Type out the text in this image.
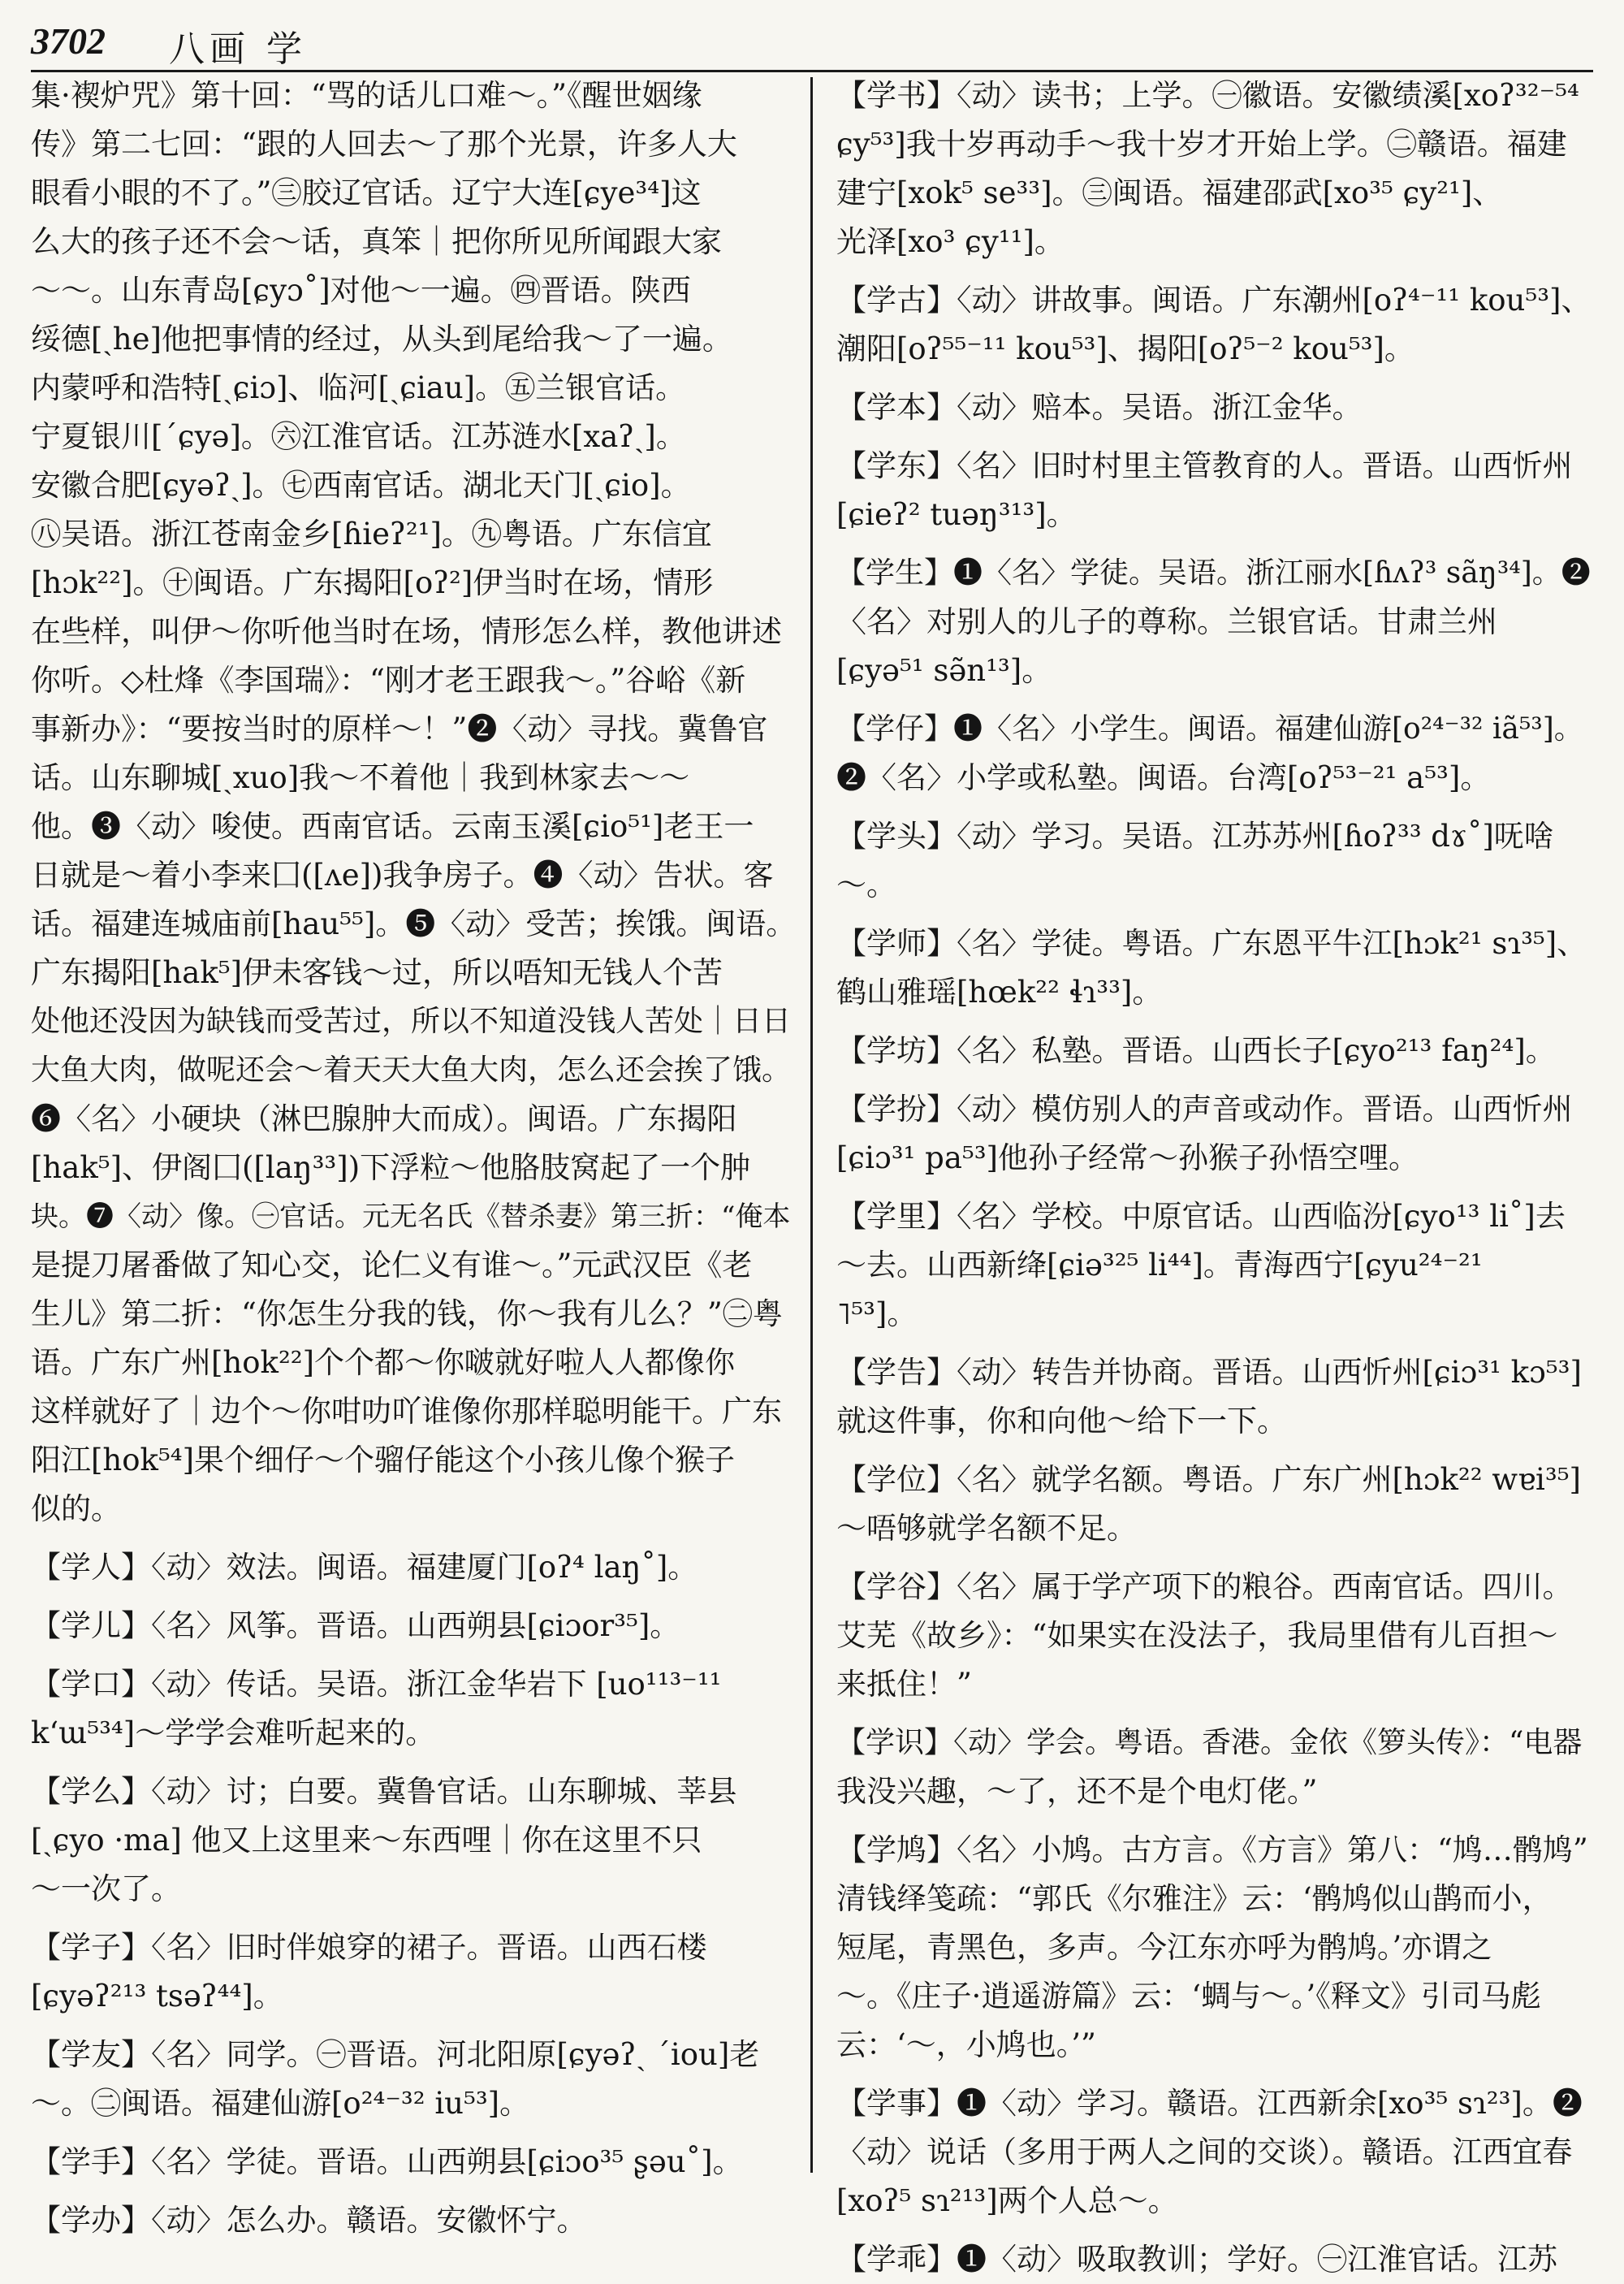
3702 八画 学
集·褉炉咒》第十回：“骂的话儿口难～。”《醒世姻缘
传》第二七回：“跟的人回去～了那个光景，许多人大
眼看小眼的不了。”㊂胶辽官话。辽宁大连[ɕye³⁴]这
么大的孩子还不会～话，真笨｜把你所见所闻跟大家
～～。山东青岛[ɕyɔ˚]对他～一遍。㊃晋语。陕西
绥德[ˏhe]他把事情的经过，从头到尾给我～了一遍。
内蒙呼和浩特[ˏɕiɔ]、临河[ˏɕiau]。㊄兰银官话。
宁夏银川[ˊɕyə]。㊅江淮官话。江苏涟水[xaʔˏ]。
安徽合肥[ɕyəʔˏ]。㊆西南官话。湖北天门[ˏɕio]。
㊇吴语。浙江苍南金乡[ɦieʔ²¹]。㊈粤语。广东信宜
[hɔk²²]。㊉闽语。广东揭阳[oʔ²]伊当时在场，情形
在些样，叫伊～你听他当时在场，情形怎么样，教他讲述
你听。◇杜烽《李国瑞》：“刚才老王跟我～。”谷峪《新
事新办》：“要按当时的原样～！”❷〈动〉寻找。冀鲁官
话。山东聊城[ˏxuo]我～不着他｜我到林家去～～
他。❸〈动〉唆使。西南官话。云南玉溪[ɕio⁵¹]老王一
日就是～着小李来囗([ʌe])我争房子。❹〈动〉告状。客
话。福建连城庙前[hau⁵⁵]。❺〈动〉受苦；挨饿。闽语。
广东揭阳[hak⁵]伊未客钱～过，所以唔知无钱人个苦
处他还没因为缺钱而受苦过，所以不知道没钱人苦处｜日日
大鱼大肉，做呢还会～着天天大鱼大肉，怎么还会挨了饿。
❻〈名〉小硬块（淋巴腺肿大而成）。闽语。广东揭阳
[hak⁵]、伊阁囗([laŋ³³])下浮粒～他胳肢窝起了一个肿
块。❼〈动〉像。㊀官话。元无名氏《替杀妻》第三折：“俺本
是提刀屠番做了知心交，论仁义有谁～。”元武汉臣《老
生儿》第二折：“你怎生分我的钱，你～我有儿么？”㊁粤
语。广东广州[hok²²]个个都～你啵就好啦人人都像你
这样就好了｜边个～你咁叻吖谁像你那样聪明能干。广东
阳江[hok⁵⁴]果个细仔～个骝仔能这个小孩儿像个猴子
似的。
【学人】〈动〉效法。闽语。福建厦门[oʔ⁴ laŋ˚]。
【学儿】〈名〉风筝。晋语。山西朔县[ɕiɔor³⁵]。
【学口】〈动〉传话。吴语。浙江金华岩下 [uo¹¹³⁻¹¹
kʻɯ⁵³⁴]～学学会难听起来的。
【学么】〈动〉讨；白要。冀鲁官话。山东聊城、莘县
[ˏɕyo ·ma] 他又上这里来～东西哩｜你在这里不只
～一次了。
【学子】〈名〉旧时伴娘穿的裙子。晋语。山西石楼
[ɕyəʔ²¹³ tsəʔ⁴⁴]。
【学友】〈名〉同学。㊀晋语。河北阳原[ɕyəʔˏ ˊiou]老
～。㊁闽语。福建仙游[o²⁴⁻³² iu⁵³]。
【学手】〈名〉学徒。晋语。山西朔县[ɕiɔo³⁵ ʂəu˚]。
【学办】〈动〉怎么办。赣语。安徽怀宁。
【学书】〈动〉读书；上学。㊀徽语。安徽绩溪[xoʔ³²⁻⁵⁴
ɕy⁵³]我十岁再动手～我十岁才开始上学。㊁赣语。福建
建宁[xok⁵ se³³]。㊂闽语。福建邵武[xo³⁵ ɕy²¹]、
光泽[xo³ ɕy¹¹]。
【学古】〈动〉讲故事。闽语。广东潮州[oʔ⁴⁻¹¹ kou⁵³]、
潮阳[oʔ⁵⁵⁻¹¹ kou⁵³]、揭阳[oʔ⁵⁻² kou⁵³]。
【学本】〈动〉赔本。吴语。浙江金华。
【学东】〈名〉旧时村里主管教育的人。晋语。山西忻州
[ɕieʔ² tuəŋ³¹³]。
【学生】❶〈名〉学徒。吴语。浙江丽水[ɦʌʔ³ sãŋ³⁴]。❷
〈名〉对别人的儿子的尊称。兰银官话。甘肃兰州
[ɕyə⁵¹ sə̃n¹³]。
【学仔】❶〈名〉小学生。闽语。福建仙游[o²⁴⁻³² iã⁵³]。
❷〈名〉小学或私塾。闽语。台湾[oʔ⁵³⁻²¹ a⁵³]。
【学头】〈动〉学习。吴语。江苏苏州[ɦoʔ³³ dɤ˚]呒啥
～。
【学师】〈名〉学徒。粤语。广东恩平牛江[hɔk²¹ sɿ³⁵]、
鹤山雅瑶[hœk²² ɬɿ³³]。
【学坊】〈名〉私塾。晋语。山西长子[ɕyo²¹³ faŋ²⁴]。
【学扮】〈动〉模仿别人的声音或动作。晋语。山西忻州
[ɕiɔ³¹ pa⁵³]他孙子经常～孙猴子孙悟空哩。
【学里】〈名〉学校。中原官话。山西临汾[ɕyo¹³ li˚]去
～去。山西新绛[ɕiə³²⁵ li⁴⁴]。青海西宁[ɕyu²⁴⁻²¹
˥⁵³]。
【学告】〈动〉转告并协商。晋语。山西忻州[ɕiɔ³¹ kɔ⁵³]
就这件事，你和向他～给下一下。
【学位】〈名〉就学名额。粤语。广东广州[hɔk²² wɐi³⁵]
～唔够就学名额不足。
【学谷】〈名〉属于学产项下的粮谷。西南官话。四川。
艾芜《故乡》：“如果实在没法子，我局里借有儿百担～
来抵住！”
【学识】〈动〉学会。粤语。香港。金依《箩头传》：“电器
我没兴趣，～了，还不是个电灯佬。”
【学鸠】〈名〉小鸠。古方言。《方言》第八：“鸠…鹘鸠”
清钱绎笺疏：“郭氏《尔雅注》云：‘鹘鸠似山鹊而小，
短尾，青黑色，多声。今江东亦呼为鹘鸠。’亦谓之
～。《庄子·逍遥游篇》云：‘蜩与～。’《释文》引司马彪
云：‘～，小鸠也。’”
【学事】❶〈动〉学习。赣语。江西新余[xo³⁵ sɿ²³]。❷
〈动〉说话（多用于两人之间的交谈）。赣语。江西宜春
[xoʔ⁵ sɿ²¹³]两个人总～。
【学乖】❶〈动〉吸取教训；学好。㊀江淮官话。江苏
